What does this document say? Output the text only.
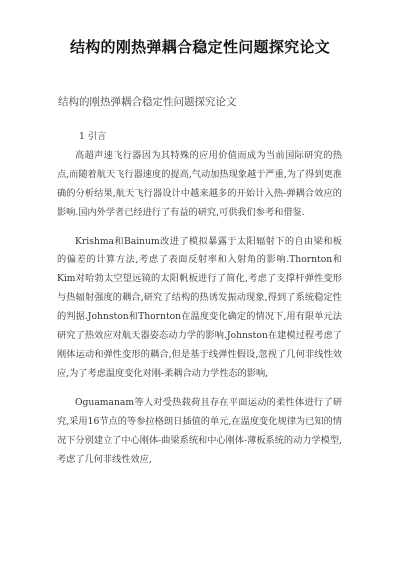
结构的刚热弹耦合稳定性问题探究论文
结构的刚热弹耦合稳定性问题探究论文

1 引言

高超声速飞行器因为其特殊的应用价值而成为当前国际研究的热点,而随着航天飞行器速度的提高,气动加热现象越于严重,为了得到更准确的分析结果,航天飞行器设计中越来越多的开始计入热-弹耦合效应的影响.国内外学者已经进行了有益的研究,可供我们参考和借鉴.

Krishma和Bainum改进了模拟暴露于太阳辐射下的自由梁和板的偏差的计算方法,考虑了表面反射率和入射角的影响.Thornton和Kim对哈勃太空望远镜的太阳帆板进行了简化,考虑了支撑杆弹性变形与热辐射强度的耦合,研究了结构的热诱发振动现象,得到了系统稳定性的判据.Johnston和Thornton在温度变化确定的情况下,用有限单元法研究了热效应对航天器姿态动力学的影响.Johnston在建模过程考虑了刚体运动和弹性变形的耦合,但是基于线弹性假设,忽视了几何非线性效应,为了考虑温度变化对刚-柔耦合动力学性态的影响,

Oguamanam等人对受热载荷且存在平面运动的柔性体进行了研究,采用16节点的等参拉格朗日插值的单元,在温度变化规律为已知的情况下分别建立了中心刚体-曲梁系统和中心刚体-薄板系统的动力学模型,考虑了几何非线性效应,
